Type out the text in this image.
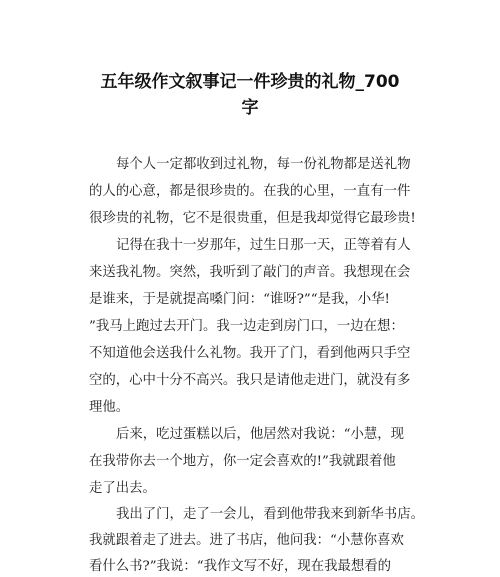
五年级作文叙事记一件珍贵的礼物_700
字
每个人一定都收到过礼物，每一份礼物都是送礼物
的人的心意，都是很珍贵的。在我的心里，一直有一件
很珍贵的礼物，它不是很贵重，但是我却觉得它最珍贵!
记得在我十一岁那年，过生日那一天，正等着有人
来送我礼物。突然，我听到了敲门的声音。我想现在会
是谁来，于是就提高嗓门问：“谁呀?”“是我，小华!
”我马上跑过去开门。我一边走到房门口，一边在想：
不知道他会送我什么礼物。我开了门，看到他两只手空
空的，心中十分不高兴。我只是请他走进门，就没有多
理他。
后来，吃过蛋糕以后，他居然对我说：“小慧，现
在我带你去一个地方，你一定会喜欢的!”我就跟着他
走了出去。
我出了门，走了一会儿，看到他带我来到新华书店。
我就跟着走了进去。进了书店，他问我：“小慧你喜欢
看什么书?”我说：“我作文写不好，现在我最想看的
